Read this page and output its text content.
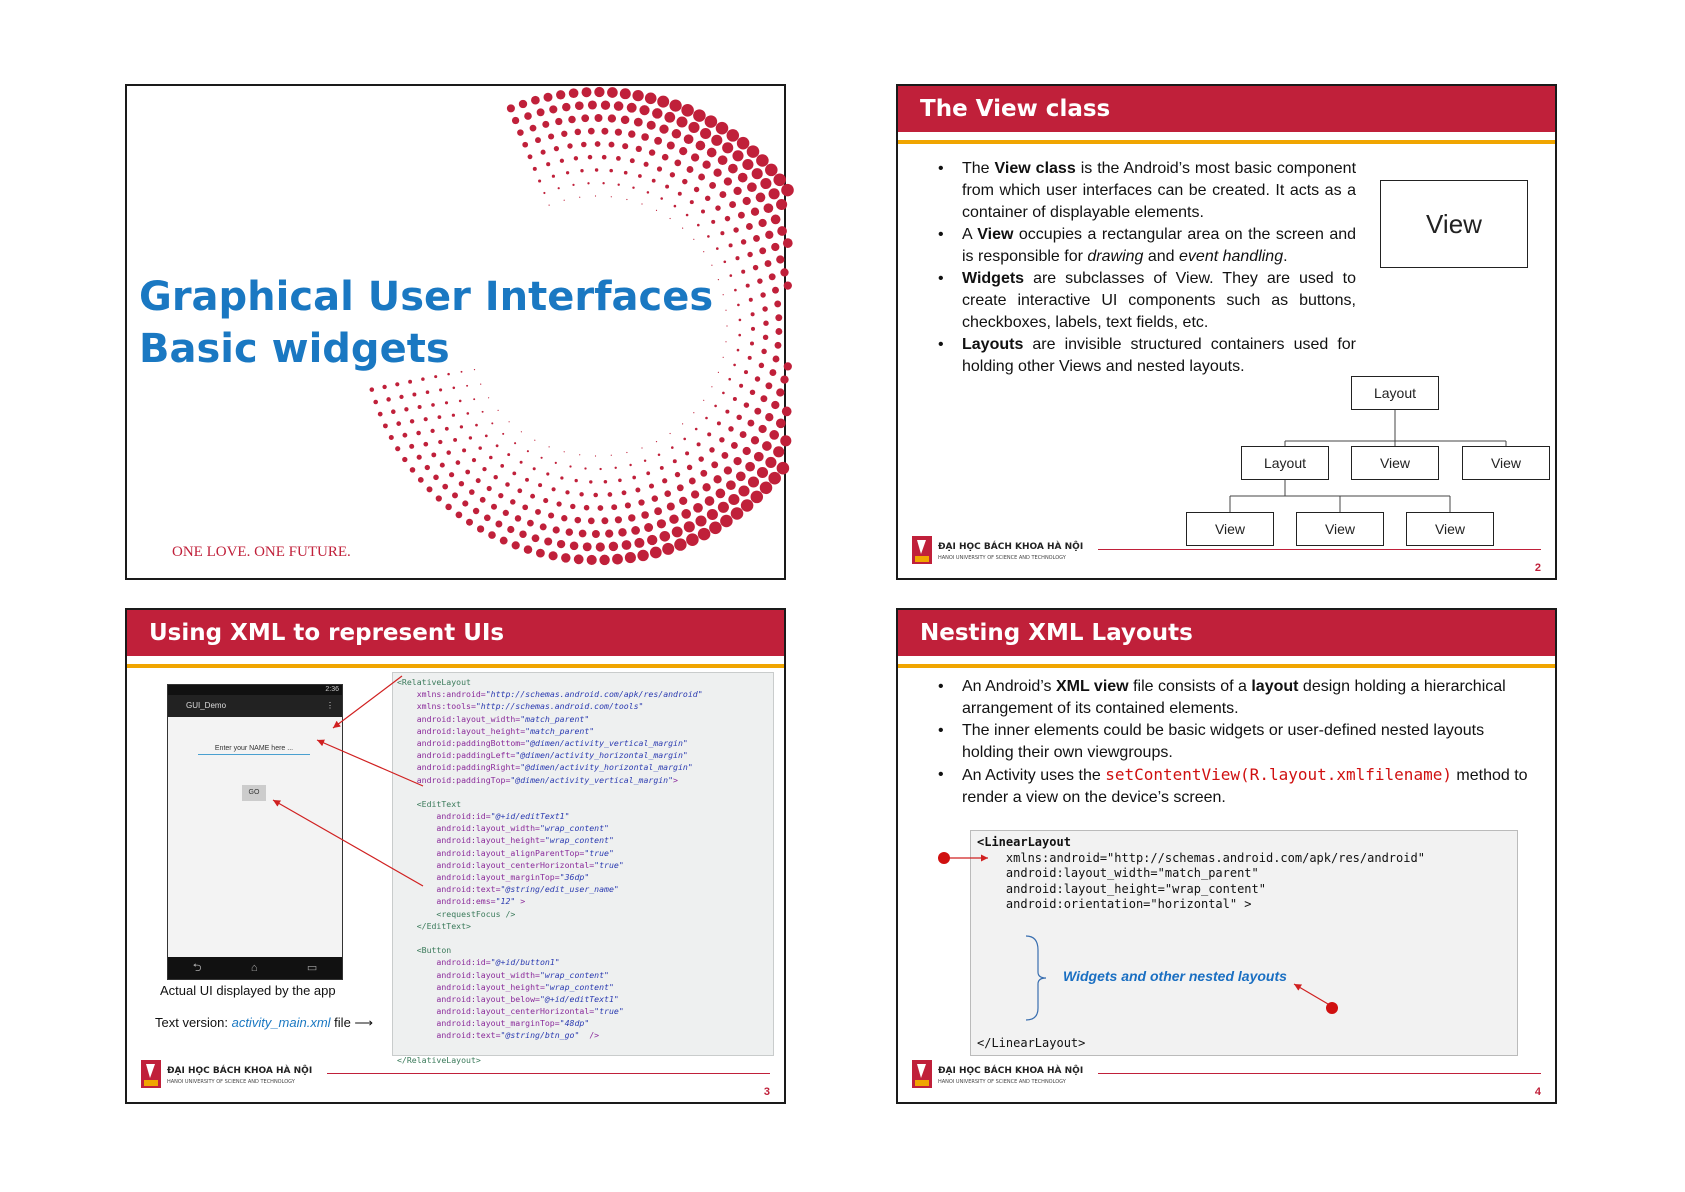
Graphical User Interfaces
Basic widgets
ONE LOVE. ONE FUTURE.
The View class
• The View class is the Android’s most basic component from which user interfaces can be created. It acts as a container of displayable elements.
• A View occupies a rectangular area on the screen and is responsible for drawing and event handling.
• Widgets are subclasses of View. They are used to create interactive UI components such as buttons, checkboxes, labels, text fields, etc.
• Layouts are invisible structured containers used for holding other Views and nested layouts.
View
Layout
Layout	View	View
View	View	View
ĐẠI HỌC BÁCH KHOA HÀ NỘI
HANOI UNIVERSITY OF SCIENCE AND TECHNOLOGY
2
Using XML to represent UIs
2:36
GUI_Demo	⋮
Enter your NAME here ...
GO
⮌	⌂	▭
Actual UI displayed by the app
Text version: activity_main.xml file ⟶
<RelativeLayout
xmlns:android="http://schemas.android.com/apk/res/android"
xmlns:tools="http://schemas.android.com/tools"
android:layout_width="match_parent"
android:layout_height="match_parent"
android:paddingBottom="@dimen/activity_vertical_margin"
android:paddingLeft="@dimen/activity_horizontal_margin"
android:paddingRight="@dimen/activity_horizontal_margin"
android:paddingTop="@dimen/activity_vertical_margin">

<EditText
android:id="@+id/editText1"
android:layout_width="wrap_content"
android:layout_height="wrap_content"
android:layout_alignParentTop="true"
android:layout_centerHorizontal="true"
android:layout_marginTop="36dp"
android:text="@string/edit_user_name"
android:ems="12" >
<requestFocus />
</EditText>

<Button
android:id="@+id/button1"
android:layout_width="wrap_content"
android:layout_height="wrap_content"
android:layout_below="@+id/editText1"
android:layout_centerHorizontal="true"
android:layout_marginTop="48dp"
android:text="@string/btn_go"  />

</RelativeLayout>
ĐẠI HỌC BÁCH KHOA HÀ NỘI
HANOI UNIVERSITY OF SCIENCE AND TECHNOLOGY
3
Nesting XML Layouts
• An Android’s XML view file consists of a layout design holding a hierarchical arrangement of its contained elements.
• The inner elements could be basic widgets or user-defined nested layouts holding their own viewgroups.
• An Activity uses the setContentView(R.layout.xmlfilename) method to render a view on the device’s screen.
<LinearLayout
xmlns:android="http://schemas.android.com/apk/res/android"
android:layout_width="match_parent"
android:layout_height="wrap_content"
android:orientation="horizontal" >
</LinearLayout>
Widgets and other nested layouts
ĐẠI HỌC BÁCH KHOA HÀ NỘI
HANOI UNIVERSITY OF SCIENCE AND TECHNOLOGY
4
